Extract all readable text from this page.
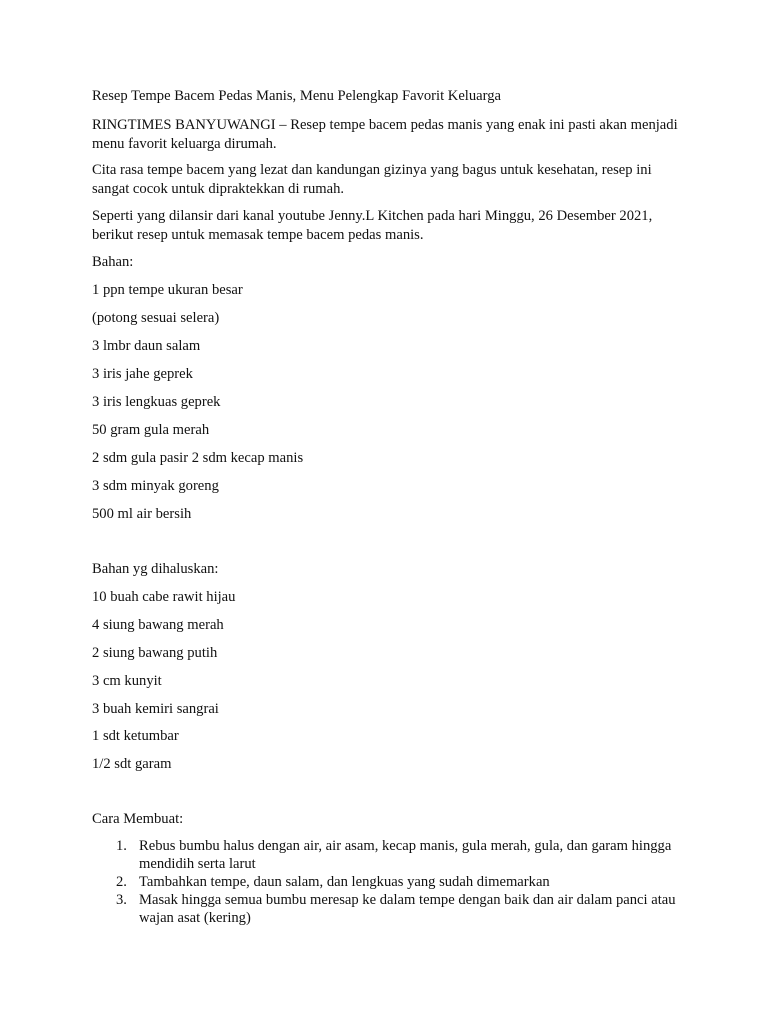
Resep Tempe Bacem Pedas Manis, Menu Pelengkap Favorit Keluarga
RINGTIMES BANYUWANGI – Resep tempe bacem pedas manis yang enak ini pasti akan menjadi menu favorit keluarga dirumah.
Cita rasa tempe bacem yang lezat dan kandungan gizinya yang bagus untuk kesehatan, resep ini sangat cocok untuk dipraktekkan di rumah.
Seperti yang dilansir dari kanal youtube Jenny.L Kitchen pada hari Minggu, 26 Desember 2021, berikut resep untuk memasak tempe bacem pedas manis.
Bahan:
1 ppn tempe ukuran besar
(potong sesuai selera)
3 lmbr daun salam
3 iris jahe geprek
3 iris lengkuas geprek
50 gram gula merah
2 sdm gula pasir 2 sdm kecap manis
3 sdm minyak goreng
500 ml air bersih
Bahan yg dihaluskan:
10 buah cabe rawit hijau
4 siung bawang merah
2 siung bawang putih
3 cm kunyit
3 buah kemiri sangrai
1 sdt ketumbar
1/2 sdt garam
Cara Membuat:
1. Rebus bumbu halus dengan air, air asam, kecap manis, gula merah, gula, dan garam hingga mendidih serta larut
2. Tambahkan tempe, daun salam, dan lengkuas yang sudah dimemarkan
3. Masak hingga semua bumbu meresap ke dalam tempe dengan baik dan air dalam panci atau wajan asat (kering)
